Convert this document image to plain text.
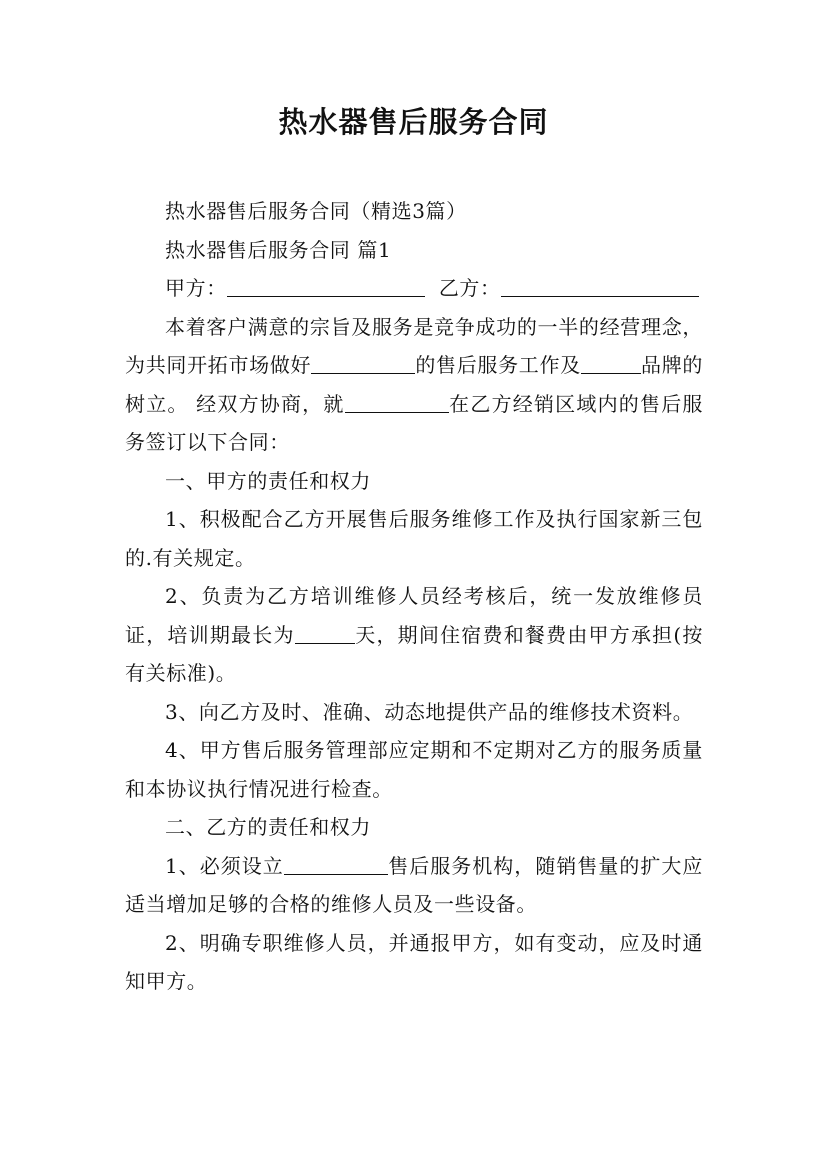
热水器售后服务合同

热水器售后服务合同（精选3篇）

热水器售后服务合同 篇1

甲方：	乙方：

本着客户满意的宗旨及服务是竞争成功的一半的经营理念，为共同开拓市场做好	的售后服务工作及	品牌的树立。 经双方协商，就	在乙方经销区域内的售后服务签订以下合同：

一、甲方的责任和权力

1、积极配合乙方开展售后服务维修工作及执行国家新三包的.有关规定。

2、负责为乙方培训维修人员经考核后，统一发放维修员证，培训期最长为	天，期间住宿费和餐费由甲方承担(按有关标准)。

3、向乙方及时、准确、动态地提供产品的维修技术资料。

4、甲方售后服务管理部应定期和不定期对乙方的服务质量和本协议执行情况进行检查。

二、乙方的责任和权力

1、必须设立	售后服务机构，随销售量的扩大应适当增加足够的合格的维修人员及一些设备。

2、明确专职维修人员，并通报甲方，如有变动，应及时通知甲方。
